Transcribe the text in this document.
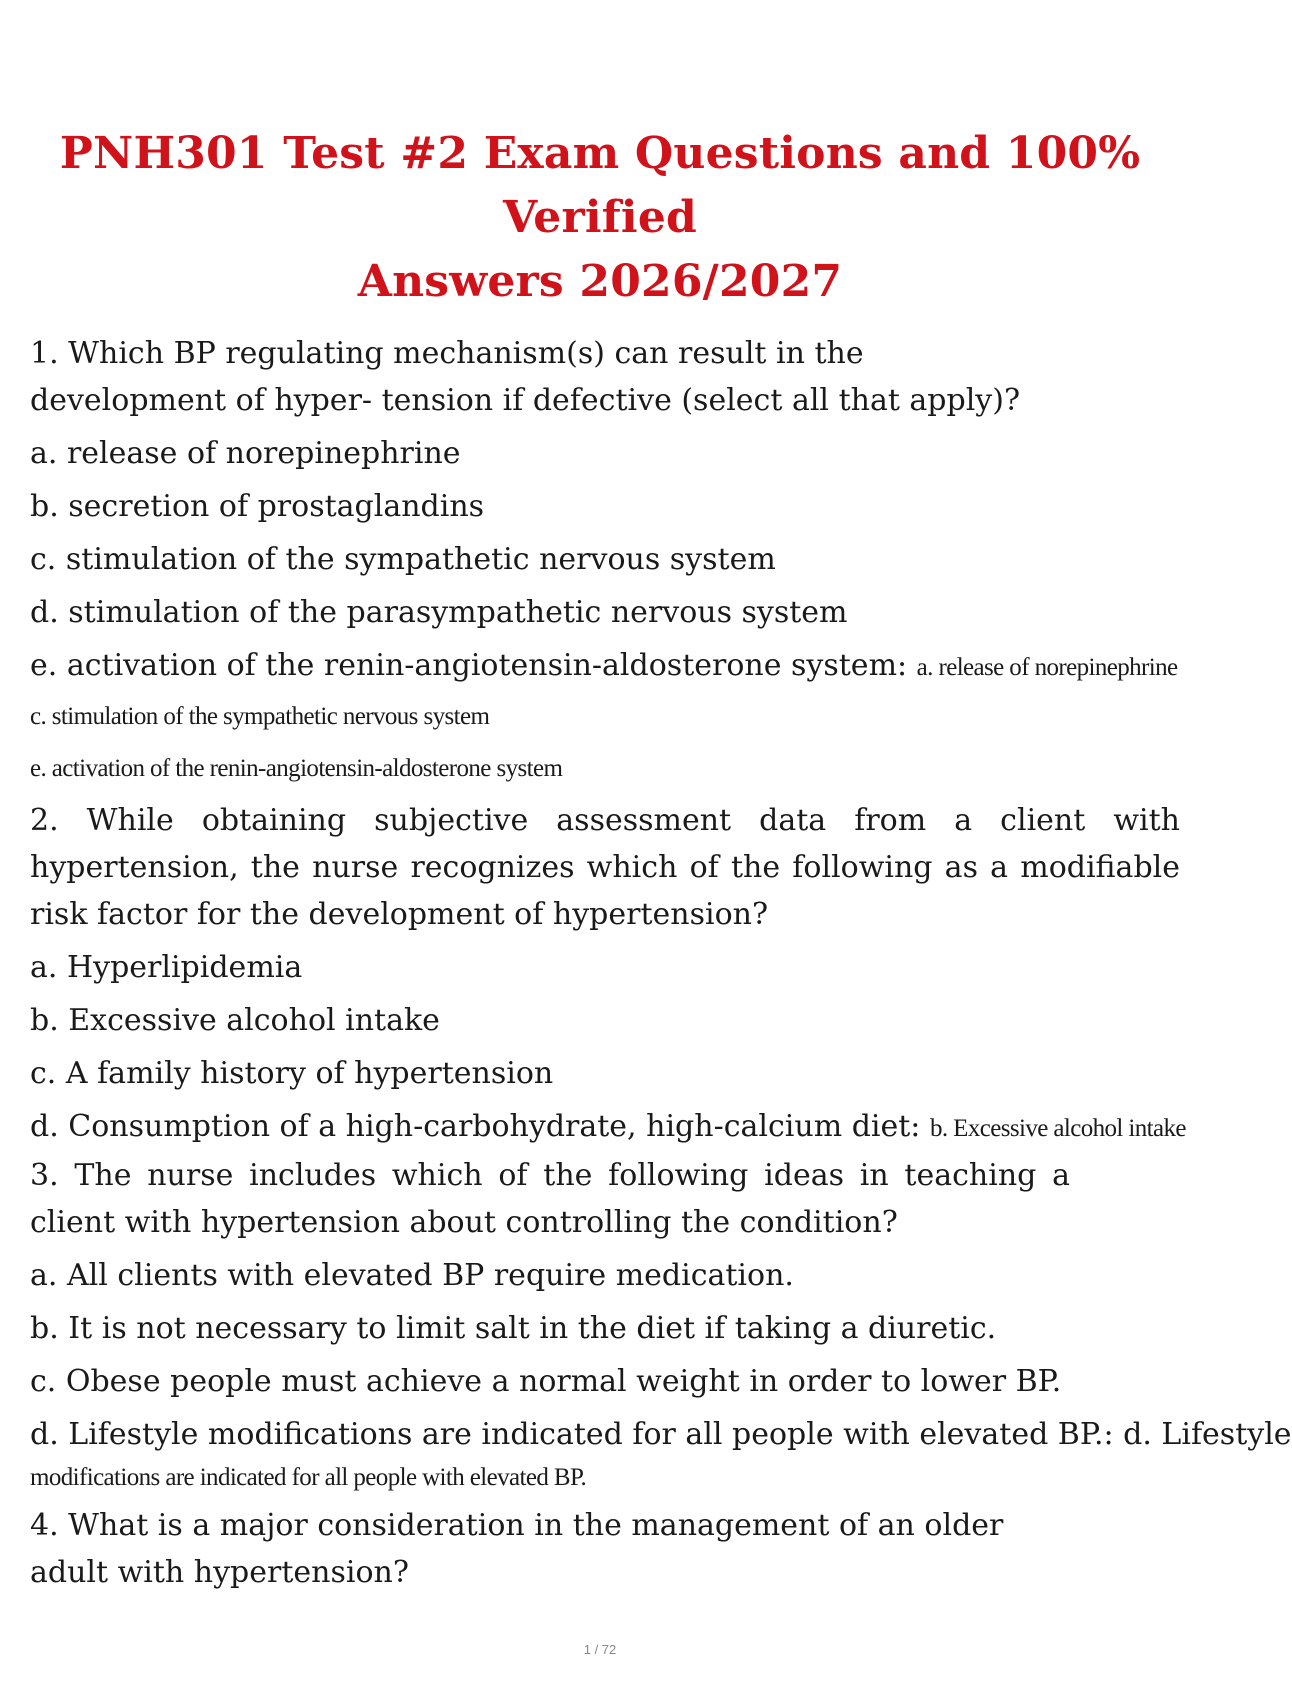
PNH301 Test #2 Exam Questions and 100% Verified
Answers 2026/2027
1. Which BP regulating mechanism(s) can result in the development of hyper- tension if defective (select all that apply)?
a. release of norepinephrine
b. secretion of prostaglandins
c. stimulation of the sympathetic nervous system
d. stimulation of the parasympathetic nervous system
e. activation of the renin-angiotensin-aldosterone system: a. release of norepinephrine
c. stimulation of the sympathetic nervous system
e. activation of the renin-angiotensin-aldosterone system
2. While obtaining subjective assessment data from a client with hypertension, the nurse recognizes which of the following as a modifiable risk factor for the development of hypertension?
a. Hyperlipidemia
b. Excessive alcohol intake
c. A family history of hypertension
d. Consumption of a high-carbohydrate, high-calcium diet: b. Excessive alcohol intake
3. The nurse includes which of the following ideas in teaching a client with hypertension about controlling the condition?
a. All clients with elevated BP require medication.
b. It is not necessary to limit salt in the diet if taking a diuretic.
c. Obese people must achieve a normal weight in order to lower BP.
d. Lifestyle modifications are indicated for all people with elevated BP.: d. Lifestyle
modifications are indicated for all people with elevated BP.
4. What is a major consideration in the management of an older adult with hypertension?
1 / 72
